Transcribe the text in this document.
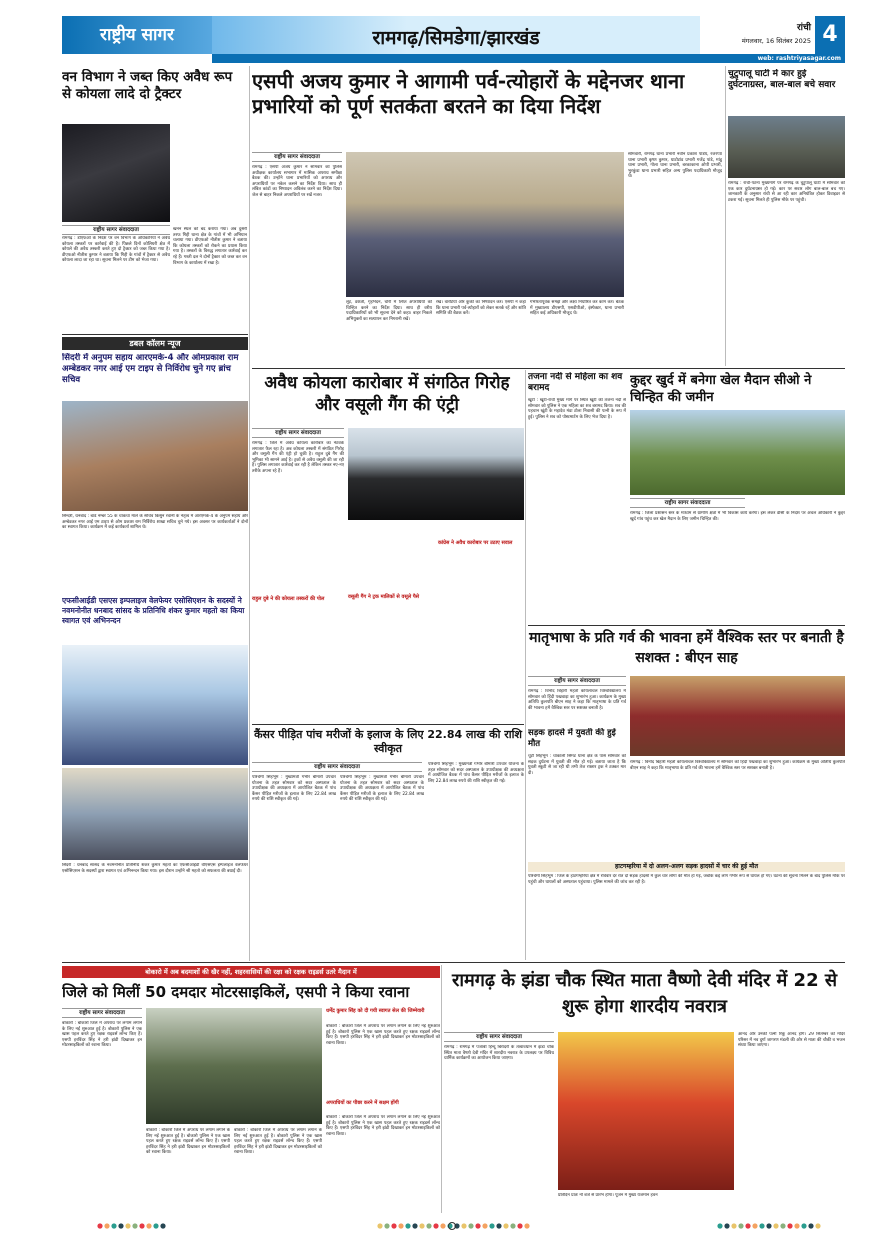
राष्ट्रीय सागर	रामगढ़/सिमडेगा/झारखंड	रांची
मंगलवार, 16 सितंबर 2025 4
web: rashtriyasagar.com
वन विभाग ने जब्त किए अवैध रूप से कोयला लादे दो ट्रैक्टर
राष्ट्रीय सागर संवाददाता
रामगढ़ : डीएफओ के निर्देश पर वन विभाग के अधिकारियों ने अवैध कोयला तस्करों पर कार्रवाई की है। पिछले दिनों कोलियरी क्षेत्र में कोयले की अवैध तस्करी करते हुए दो ट्रैक्टर को जब्त किया गया है। डीएफओ नीतीश कुमार ने बताया कि गिद्दी के गांवों में ट्रैक्टर से अवैध कोयला लादा जा रहा था। सूचना मिलने पर टीम को भेजा गया।
खनन स्थल को बंद कराया गया। अब दुसरी तरफ गिद्दी थाना क्षेत्र के गांवों में भी अभियान चलाया गया। डीएफओ नीतीश कुमार ने बताया कि कोयला तस्करों को रोकने का प्रयास किया गया है। तस्करों के विरुद्ध लगातार कार्रवाई कर रहे हैं। गश्ती दल ने दोनों ट्रैक्टर को जब्त कर वन विभाग के कार्यालय में रखा है।
एसपी अजय कुमार ने आगामी पर्व-त्योहारों के मद्देनजर थाना प्रभारियों को पूर्ण सतर्कता बरतने का दिया निर्देश
राष्ट्रीय सागर संवाददाता
रामगढ़ : एसपी अजय कुमार ने सोमवार को पुलिस अधीक्षक कार्यालय सभागार में मासिक अपराध समीक्षा बैठक की। उन्होंने थाना प्रभारियों को अपराध और अपराधियों पर नकेल कसने का निर्देश दिया। साथ ही लंबित कांडों का निष्पादन अविलंब करने का निर्देश दिया। जेल से बाहर निकले अपराधियों पर रखें नजर।
लूट, डकैती, गृहभेदन, चोरी में लिप्त अपराधियों को चिन्हित करने का निर्देश दिया। साथ ही वरीय पदाधिकारियों को भी सूचना देने को कहा। बाहर निकले अभियुक्तों का सत्यापन कर निगरानी रखें।
रखें। वारंटियों और कुर्की का निष्पादन करें। एसपी ने कहा कि थाना प्रभारी पर्व-त्योहारों को लेकर सतर्क रहें और शांति समिति की बैठक करें।
गंभीरतापूर्वक समझें और लक्ष्य निर्धारित कर काम करें। बैठक में मुख्यालय डीएसपी, एसडीपीओ, इंस्पेक्टर, थाना प्रभारी सहित कई अधिकारी मौजूद थे।
सोमवारी, रामगढ़ थाना प्रभारी नवीन प्रकाश पांडेय, रजरप्पा थाना प्रभारी कृष्ण कुमार, घाटोटांड प्रभारी गजेंद्र पांडे, मांडू थाना प्रभारी, गोला थाना प्रभारी, बरकाकाना ओपी प्रभारी, भुरकुंडा थाना प्रभारी सहित अन्य पुलिस पदाधिकारी मौजूद थे।
चुटुपालू घाटी में कार हुई दुर्घटनाग्रस्त, बाल-बाल बचे सवार
रामगढ़ : रांची-पटना मुख्यमार्ग पर रामगढ़ के चुटुपालू घाटी में सोमवार को एक कार दुर्घटनाग्रस्त हो गई। कार पर सवार लोग बाल-बाल बच गए। जानकारी के अनुसार रांची से आ रही कार अनियंत्रित होकर डिवाइडर से टकरा गई। सूचना मिलते ही पुलिस मौके पर पहुंची।
डबल कॉलम न्यूज
सिंदरी में अनुपम सहाय आरएमके-4 और ओमप्रकाश राम अम्बेडकर नगर आई एम टाइप से निर्विरोध चुने गए ब्रांच सचिव
सिन्दरी, धनबाद : बार्ड नम्बर 55 के चाकचा माले के सचिव किसुन रवानी के नेतृत्व में आरएमके-4 के अनुपम सहाय और अम्बेडकर नगर आई एम टाइप से ओम प्रकाश राम निर्विरोध शाखा सचिव चुने गये। इस अवसर पर कार्यकर्ताओं ने दोनों का स्वागत किया। कार्यक्रम में कई कार्यकर्ता शामिल थे।
एफसीआईडी एसएस इम्पलाइज वेलफेयर एसोसिएशन के सदस्यों ने नवमनोनीत धनबाद सांसद के प्रतिनिधि शंकर कुमार महतो का किया स्वागत एवं अभिनन्दन
सिंदरी : धनबाद सांसद के नवमनोनीत प्रतिनिधि शंकर कुमार महतो का एफसीआईडी वीएसएस इम्पलाइज वेलफेयर एसोसिएशन के सदस्यों द्वारा स्वागत एवं अभिनन्दन किया गया। इस दौरान उन्होंने श्री महतो को सफलता की बधाई दी।
अवैध कोयला कारोबार में संगठित गिरोह और वसूली गैंग की एंट्री
राष्ट्रीय सागर संवाददाता
रामगढ़ : जिले में अवैध कोयला कारोबार का नेटवर्क लगातार फैल रहा है। अब कोयला तस्करी में संगठित गिरोह और वसूली गैंग की एंट्री हो चुकी है। राहुल दुबे गैंग की भूमिका भी सामने आई है। ट्रकों से अवैध वसूली की जा रही है। पुलिस लगातार कार्रवाई कर रही है लेकिन तस्कर नए-नए तरीके अपना रहे हैं।
राहुल दुबे ने की कोयला तस्करों की पोल	वसूली गैंग ने ट्रक मालिकों से वसूले पैसे
कांग्रेस ने अवैध कारोबार पर उठाए सवाल
तजना नदी से महिला का शव बरामद
खूंटी : खूंटी-रांची मुख्य मार्ग पर स्थित खूंटी की तजना नदी से सोमवार को पुलिस ने एक महिला का शव बरामद किया। शव की पहचान खूंटी के महादेव मंडा टोला निवासी की पत्नी के रूप में हुई। पुलिस ने शव को पोस्टमार्टम के लिए भेज दिया है।
कुद्दर खुर्द में बनेगा खेल मैदान सीओ ने चिन्हित की जमीन
राष्ट्रीय सागर संवाददाता
रामगढ़ : जिला प्रशासन स्तर के माध्यम से ग्रामीण क्षेत्रों में भी विकास कार्य करेगा। इस लेकर डीसी के निर्देश पर अंचल अधिकारी ने कुद्दर खुर्द गांव पहुंच कर खेल मैदान के लिए जमीन चिन्हित की।
मातृभाषा के प्रति गर्व की भावना हमें वैश्विक स्तर पर बनाती है सशक्त : बीएन साह
राष्ट्रीय सागर संवाददाता
रामगढ़ : विनोद बिहारी महतो कोयलांचल विश्वविद्यालय में सोमवार को हिंदी पखवाड़ा का शुभारंभ हुआ। कार्यक्रम के मुख्य अतिथि कुलपति बीएन साह ने कहा कि मातृभाषा के प्रति गर्व की भावना हमें वैश्विक स्तर पर सशक्त बनाती है।
रामगढ़ : विनोद बिहारी महतो कोयलांचल विश्वविद्यालय में सोमवार को हिंदी पखवाड़ा का शुभारंभ हुआ। कार्यक्रम के मुख्य अतिथि कुलपति बीएन साह ने कहा कि मातृभाषा के प्रति गर्व की भावना हमें वैश्विक स्तर पर सशक्त बनाती है।
कैंसर पीड़ित पांच मरीजों के इलाज के लिए 22.84 लाख की राशि स्वीकृत
राष्ट्रीय सागर संवाददाता
पश्चिमी सिंहभूम : मुख्यमंत्री गंभीर बीमारी उपचार योजना के तहत सोमवार को सदर अस्पताल के उपाधीक्षक की अध्यक्षता में आयोजित बैठक में पांच कैंसर पीड़ित मरीजों के इलाज के लिए 22.84 लाख रुपये की राशि स्वीकृत की गई।
पश्चिमी सिंहभूम : मुख्यमंत्री गंभीर बीमारी उपचार योजना के तहत सोमवार को सदर अस्पताल के उपाधीक्षक की अध्यक्षता में आयोजित बैठक में पांच कैंसर पीड़ित मरीजों के इलाज के लिए 22.84 लाख रुपये की राशि स्वीकृत की गई।
पश्चिमी सिंहभूम : मुख्यमंत्री गंभीर बीमारी उपचार योजना के तहत सोमवार को सदर अस्पताल के उपाधीक्षक की अध्यक्षता में आयोजित बैठक में पांच कैंसर पीड़ित मरीजों के इलाज के लिए 22.84 लाख रुपये की राशि स्वीकृत की गई।
सड़क हादसे में युवती की हुई मौत
चूटी सिंहभूम : चाकाली सिमट थाना क्षेत्र के पास सोमवार को सड़क दुर्घटना में युवती की मौत हो गई। बताया जाता है कि युवती स्कूटी से जा रही थी तभी तेज रफ्तार ट्रक ने टक्कर मार दी।
हाटगम्हरिया में दो अलग-अलग सड़क हादसों में चार की हुई मौत
पश्चिमी सिंहभूम : जिले के हाटगम्हरिया क्षेत्र में रविवार देर रात दो सड़क हादसों में कुल चार लोगों की मौत हो गई, जबकि कई लोग गंभीर रूप से घायल हो गए। घटना की सूचना मिलने के बाद पुलिस मौके पर पहुंची और घायलों को अस्पताल पहुंचाया। पुलिस मामले की जांच कर रही है।
बोकारो में अब बदमाशों की खैर नहीं, शहरवासियों की रक्षा को रक्षक राइडर्स उतरे मैदान में
जिले को मिलीं 50 दमदार मोटरसाइकिलें, एसपी ने किया रवाना
राष्ट्रीय सागर संवाददाता
बोकारो : बोकारो जिले में अपराध पर लगाम लगाने के लिए नई शुरुआत हुई है। बोकारो पुलिस ने एक खास पहल करते हुए रक्षक राइडर्स लॉन्च किए हैं। एसपी हरविंदर सिंह ने हरी झंडी दिखाकर इन मोटरसाइकिलों को रवाना किया।
बोकारो : बोकारो जिले में अपराध पर लगाम लगाने के लिए नई शुरुआत हुई है। बोकारो पुलिस ने एक खास पहल करते हुए रक्षक राइडर्स लॉन्च किए हैं। एसपी हरविंदर सिंह ने हरी झंडी दिखाकर इन मोटरसाइकिलों को रवाना किया।
बोकारो : बोकारो जिले में अपराध पर लगाम लगाने के लिए नई शुरुआत हुई है। बोकारो पुलिस ने एक खास पहल करते हुए रक्षक राइडर्स लॉन्च किए हैं। एसपी हरविंदर सिंह ने हरी झंडी दिखाकर इन मोटरसाइकिलों को रवाना किया।
धर्मेंद्र कुमार सिंह को दी गयी स्वागत सेल की जिम्मेवारी
अपराधियों का पीछा करने में सक्षम होंगी
बोकारो : बोकारो जिले में अपराध पर लगाम लगाने के लिए नई शुरुआत हुई है। बोकारो पुलिस ने एक खास पहल करते हुए रक्षक राइडर्स लॉन्च किए हैं। एसपी हरविंदर सिंह ने हरी झंडी दिखाकर इन मोटरसाइकिलों को रवाना किया।
बोकारो : बोकारो जिले में अपराध पर लगाम लगाने के लिए नई शुरुआत हुई है। बोकारो पुलिस ने एक खास पहल करते हुए रक्षक राइडर्स लॉन्च किए हैं। एसपी हरविंदर सिंह ने हरी झंडी दिखाकर इन मोटरसाइकिलों को रवाना किया।
रामगढ़ के झंडा चौक स्थित माता वैष्णो देवी मंदिर में 22 से शुरू होगा शारदीय नवरात्र
राष्ट्रीय सागर संवाददाता
रामगढ़ : रामगढ़ में पंजाबी हिन्दू बिरादरी के तत्वावधान में झंडा चौक स्थित माता वैष्णो देवी मंदिर में शारदीय नवरात्र के उपलक्ष्य पर विविध धार्मिक कार्यक्रमों का आयोजन किया जाएगा।
प्रतिदिन प्रातः नौ बजे से प्रारंभ होगा। पूजन में मुख्य यजमान हवन
आनंद और उनकी पत्नी रिंकू आनंद होंगे। 29 सितम्बर को मंदिर परिसर में नव दुर्गा जागरण मंडली की ओर से माता की चौकी व भजन संध्या किया जाएगा।
